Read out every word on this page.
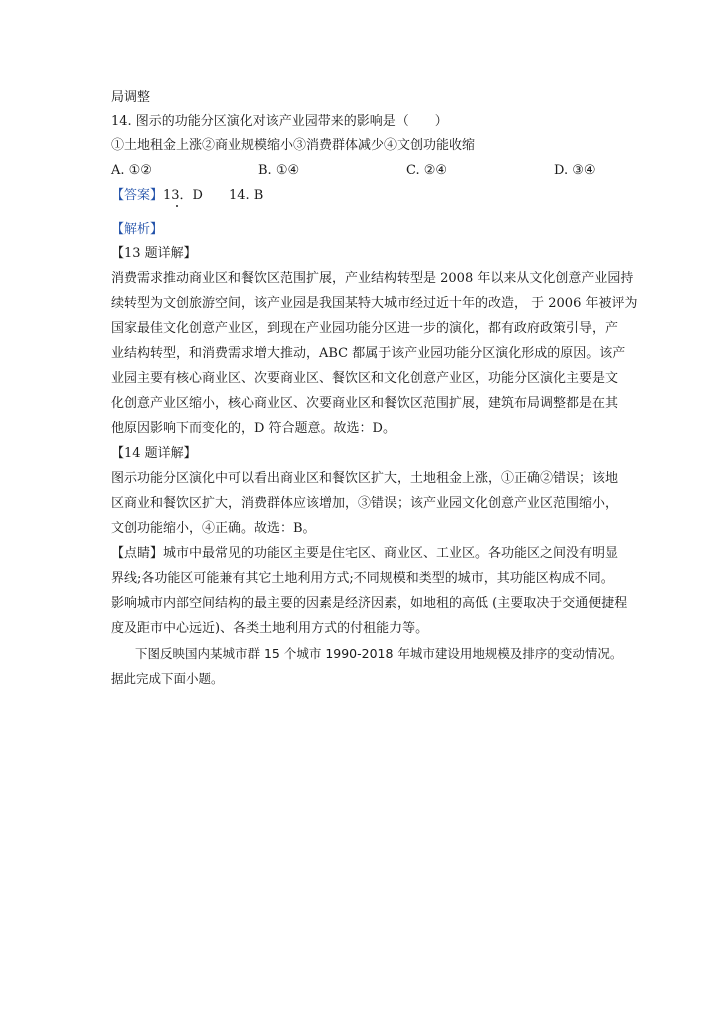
局调整
14. 图示的功能分区演化对该产业园带来的影响是（　　）
①土地租金上涨②商业规模缩小③消费群体减少④文创功能收缩
A. ①②	B. ①④	C. ②④	D. ③④
【答案】13．D　　14. B
【解析】
【13 题详解】
消费需求推动商业区和餐饮区范围扩展，产业结构转型是 2008 年以来从文化创意产业园持
续转型为文创旅游空间，该产业园是我国某特大城市经过近十年的改造， 于 2006 年被评为
国家最佳文化创意产业区，到现在产业园功能分区进一步的演化，都有政府政策引导，产
业结构转型，和消费需求增大推动，ABC 都属于该产业园功能分区演化形成的原因。该产
业园主要有核心商业区、次要商业区、餐饮区和文化创意产业区，功能分区演化主要是文
化创意产业区缩小，核心商业区、次要商业区和餐饮区范围扩展，建筑布局调整都是在其
他原因影响下而变化的，D 符合题意。故选：D。
【14 题详解】
图示功能分区演化中可以看出商业区和餐饮区扩大，土地租金上涨，①正确②错误；该地
区商业和餐饮区扩大，消费群体应该增加，③错误；该产业园文化创意产业区范围缩小，
文创功能缩小，④正确。故选：B。
【点睛】城市中最常见的功能区主要是住宅区、商业区、工业区。各功能区之间没有明显
界线;各功能区可能兼有其它土地利用方式;不同规模和类型的城市，其功能区构成不同。
影响城市内部空间结构的最主要的因素是经济因素，如地租的高低 (主要取决于交通便捷程
度及距市中心远近)、各类土地利用方式的付租能力等。
下图反映国内某城市群 15 个城市 1990-2018 年城市建设用地规模及排序的变动情况。
据此完成下面小题。
